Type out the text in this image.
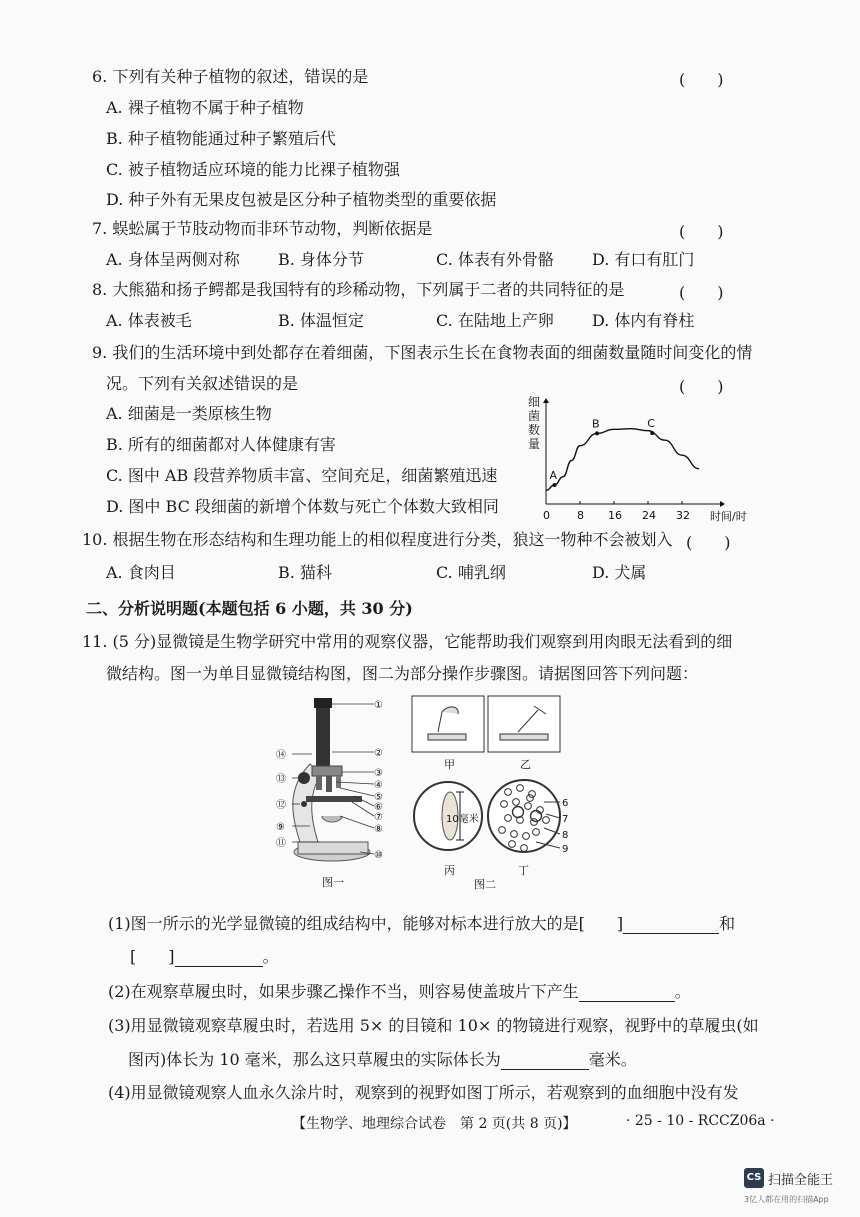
6. 下列有关种子植物的叙述，错误的是	(　　)
A. 裸子植物不属于种子植物
B. 种子植物能通过种子繁殖后代
C. 被子植物适应环境的能力比裸子植物强
D. 种子外有无果皮包被是区分种子植物类型的重要依据
7. 蜈蚣属于节肢动物而非环节动物，判断依据是	(　　)
A. 身体呈两侧对称 B. 身体分节	C. 体表有外骨骼 D. 有口有肛门
8. 大熊猫和扬子鳄都是我国特有的珍稀动物，下列属于二者的共同特征的是	(　　)
A. 体表被毛	B. 体温恒定	C. 在陆地上产卵 D. 体内有脊柱
9. 我们的生活环境中到处都存在着细菌，下图表示生长在食物表面的细菌数量随时间变化的情
况。下列有关叙述错误的是	(　　)
A. 细菌是一类原核生物
B. 所有的细菌都对人体健康有害
C. 图中 AB 段营养物质丰富、空间充足，细菌繁殖迅速
D. 图中 BC 段细菌的新增个体数与死亡个体数大致相同	0 8 16 24 32
A
B	C
细
菌
数
量
时间/时
10. 根据生物在形态结构和生理功能上的相似程度进行分类，狼这一物种不会被划入 (　　)
A. 食肉目	B. 猫科	C. 哺乳纲	D. 犬属
二、分析说明题(本题包括 6 小题，共 30 分)
11. (5 分)显微镜是生物学研究中常用的观察仪器，它能帮助我们观察到用肉眼无法看到的细
微结构。图一为单目显微镜结构图，图二为部分操作步骤图。请据图回答下列问题：
①
②
③
④
⑤
⑥
⑦
⑧
⑩
⑭
⑬
⑫
⑨
⑪
图一
甲	乙
10毫米
6
7
8
9
丙	丁
图二
(1)图一所示的光学显微镜的组成结构中，能够对标本进行放大的是[　　]	和
[　　]	。
(2)在观察草履虫时，如果步骤乙操作不当，则容易使盖玻片下产生	。
(3)用显微镜观察草履虫时，若选用 5× 的目镜和 10× 的物镜进行观察，视野中的草履虫(如
图丙)体长为 10 毫米，那么这只草履虫的实际体长为	毫米。
(4)用显微镜观察人血永久涂片时，观察到的视野如图丁所示，若观察到的血细胞中没有发
【生物学、地理综合试卷　第 2 页(共 8 页)】	· 25 - 10 - RCCZ06a ·
CS 扫描全能王
3亿人都在用的扫描App
